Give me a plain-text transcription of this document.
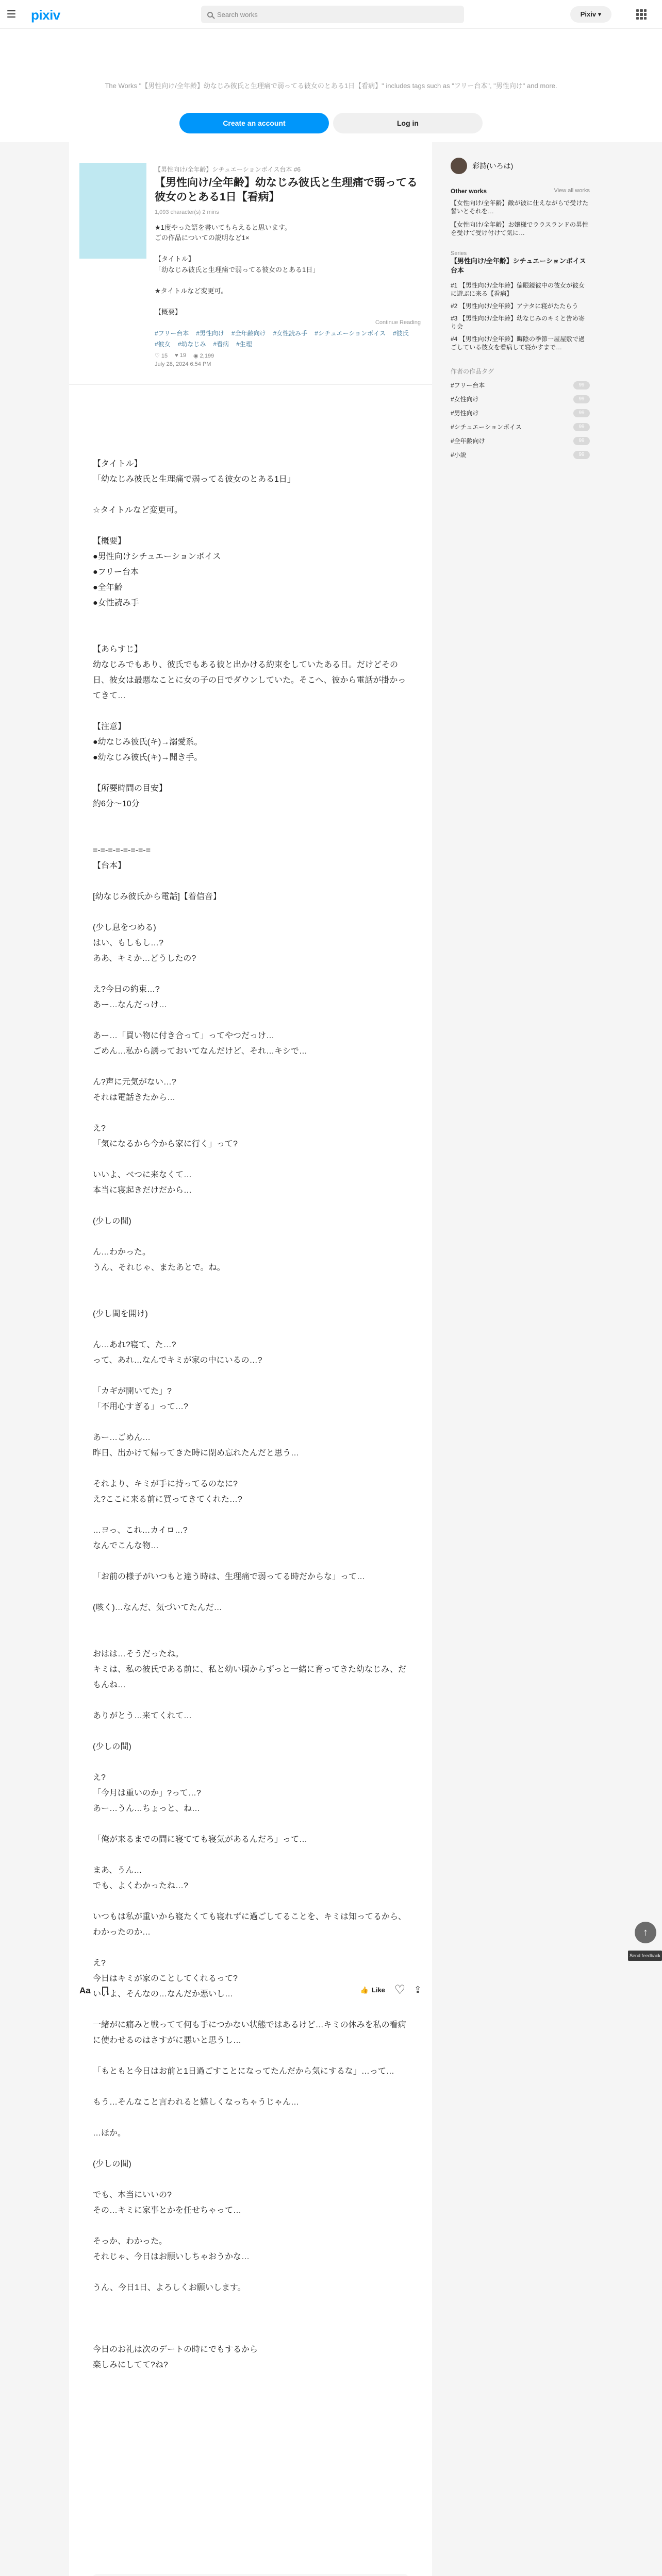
pixiv	Search works	Pixiv ▾
The Works "【男性向け/全年齢】幼なじみ彼氏と生理痛で弱ってる彼女のとある1日【看病】" includes tags such as "フリー台本", "男性向け" and more.
Create an account	Log in
【男性向け/全年齢】シチュエーションボイス台本 #6
【男性向け/全年齢】幼なじみ彼氏と生理痛で弱ってる彼女のとある1日【看病】
1,093 character(s) 2 mins
★1度やった語を書いてもらえると思います。
ごの作品についての説明など1×
【タイトル】
「幼なじみ彼氏と生理痛で弱ってる彼女のとある1日」
★タイトルなど変更可。
【概要】
Continue Reading
#フリー台本 #男性向け #全年齢向け #女性読み手 #シチュエーションボイス #彼氏
#彼女 #幼なじみ #看病 #生理
♡ 15 ♥ 19 ◉ 2,199
July 28, 2024 6:54 PM

【タイトル】

「幼なじみ彼氏と生理痛で弱ってる彼女のとある1日」

☆タイトルなど変更可。

【概要】

●男性向けシチュエーションボイス

●フリー台本

●全年齢

●女性読み手

【あらすじ】

幼なじみでもあり、彼氏でもある彼と出かける約束をしていたある日。だけどその日、彼女は最悪なことに女の子の日でダウンしていた。そこへ、彼から電話が掛かってきて…

【注意】

●幼なじみ彼氏(キ)→溺愛系。

●幼なじみ彼氏(キ)→聞き手。

【所要時間の目安】

約6分〜10分

=-=-=-=-=-=-=-=

【台本】

[幼なじみ彼氏から電話]【着信音】

(少し息をつめる)

はい、もしもし…?

ああ、キミか…どうしたの?

え?今日の約束…?

あー…なんだっけ…

あー…「買い物に付き合って」ってやつだっけ…

ごめん…私から誘っておいてなんだけど、それ…キシで…

ん?声に元気がない…?

それは電話きたから…

え?

「気になるから今から家に行く」って?

いいよ、べつに来なくて…

本当に寝起きだけだから…

(少しの間)

ん…わかった。

うん、それじゃ、またあとで。ね。

(少し間を開け)

ん…あれ?寝て、た…?

って、あれ…なんでキミが家の中にいるの…?

「カギが開いてた」?

「不用心すぎる」って…?

あー…ごめん…

昨日、出かけて帰ってきた時に閉め忘れたんだと思う…

それより、キミが手に持ってるのなに?

え?ここに来る前に買ってきてくれた…?

…ヨっ、これ…カイロ…?

なんでこんな物…

「お前の様子がいつもと違う時は、生理痛で弱ってる時だからな」って…

(咳く)…なんだ、気づいてたんだ…

おはは…そうだったね。

キミは、私の彼氏である前に、私と幼い頃からずっと一緒に育ってきた幼なじみ、だもんね…

ありがとう…来てくれて…

(少しの間)

え?

「今月は重いのか」?って…?

あー…うん…ちょっと、ね…

「俺が来るまでの間に寝てても寝気があるんだろ」って…

まあ、うん…

でも、よくわかったね…?

いつもは私が重いから寝たくても寝れずに過ごしてることを、キミは知ってるから、わかったのか…

え?

今日はキミが家のことしてくれるって?

いいよ、そんなの…なんだか悪いし…

一緒がに痛みと戦ってて何も手につかない状態ではあるけど…キミの休みを私の看病に使わせるのはさすがに悪いと思うし…

「もともと今日はお前と1日過ごすことになってたんだから気にするな」…って…

もう…そんなこと言われると嬉しくなっちゃうじゃん…

…ほか。

(少しの間)

でも、本当にいいの?

その…キミに家事とかを任せちゃって…

そっか、わかった。

それじゃ、今日はお願いしちゃおうかな…

うん、今日1日、よろしくお願いします。

今日のお礼は次のデートの時にでもするから

楽しみにしてて?ね?

Aa	👍 Like ♡	⇪
彩詩(いろは)
Other works	View all works
【女性向け/全年齢】敵が彼に仕えながらで受けた誓いとそれを…
【女性向け/全年齢】お嬢様でララスランドの男性を受けて受け付けて気に…
Series
【男性向け/全年齢】シチュエーションボイス台本
#1 【男性向け/全年齢】偏眼鏡彼中の彼女が彼女に遊ぶに来る【看病】
#2 【男性向け/全年齢】アナタに寝がたたらう
#3 【男性向け/全年齢】幼なじみのキミと告め寄り会
#4 【男性向け/全年齢】晦陰の季節一屋屋敷で過ごしている彼女を看病して寝かすまで…
作者の作品タグ
#フリー台本	99
#女性向け	99
#男性向け	99
#シチュエーションボイス	99
#全年齢向け	99
#小説	99
↑
Send feedback
